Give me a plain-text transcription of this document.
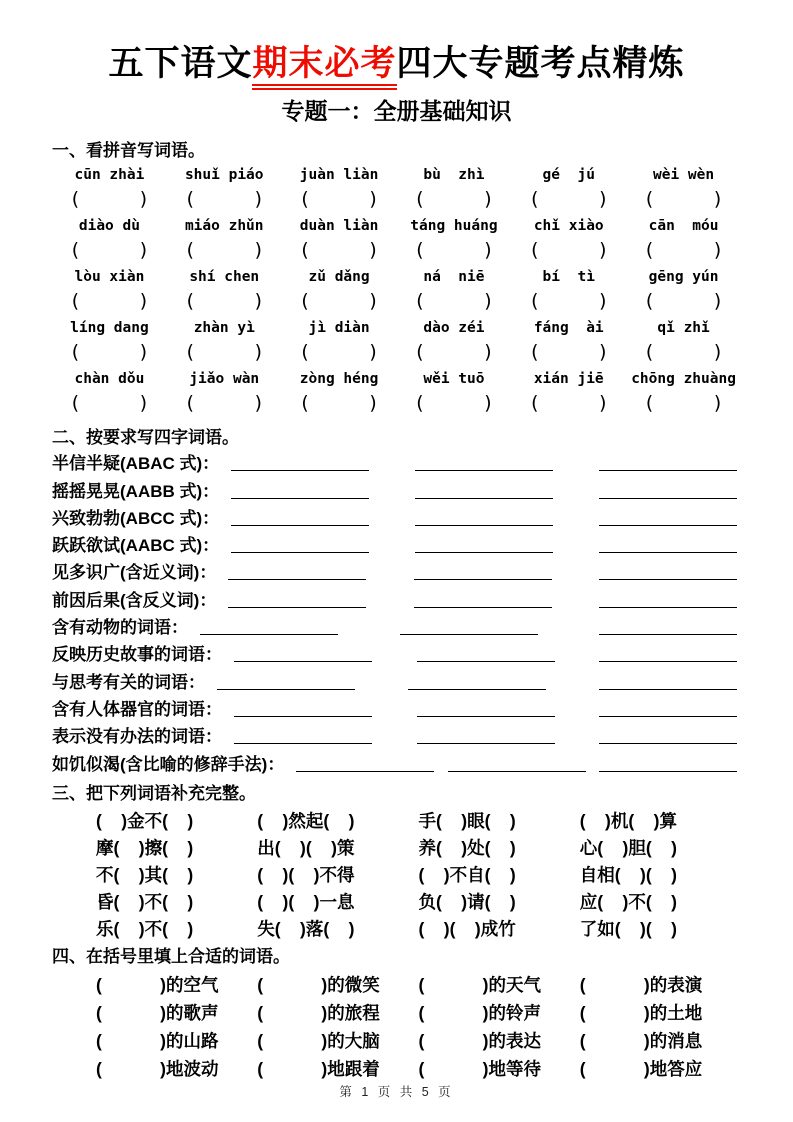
五下语文期末必考四大专题考点精炼
专题一：全册基础知识
一、看拼音写词语。
cūn zhài	shuǐ piáo	juàn liàn	bù  zhì	gé  jú	wèi wèn
(     )	(     )	(     )	(     )	(     )	(     )
diào dù	miáo zhǔn	duàn liàn	táng huáng	chǐ xiào	cān  móu
(     )	(     )	(     )	(     )	(     )	(     )
lòu xiàn	shí chen	zǔ dǎng	ná  niē	bí  tì	gēng yún
(     )	(     )	(     )	(     )	(     )	(     )
líng dang	zhàn yì	jì diàn	dào zéi	fáng  ài	qǐ zhǐ
(     )	(     )	(     )	(     )	(     )	(     )
chàn dǒu	jiǎo wàn	zòng héng	wěi tuō	xián jiē	chōng zhuàng
(     )	(     )	(     )	(     )	(     )	(     )
二、按要求写四字词语。
半信半疑(ABAC 式)：
摇摇晃晃(AABB 式)：
兴致勃勃(ABCC 式)：
跃跃欲试(AABC 式)：
见多识广(含近义词)：
前因后果(含反义词)：
含有动物的词语：
反映历史故事的词语：
与思考有关的词语：
含有人体器官的词语：
表示没有办法的词语：
如饥似渴(含比喻的修辞手法)：
三、把下列词语补充完整。
(    )金不(    )	(    )然起(    )	手(    )眼(    )	(    )机(    )算
摩(    )擦(    )	出(    )(    )策	养(    )处(    )	心(    )胆(    )
不(    )其(    )	(    )(    )不得	(    )不自(    )	自相(    )(    )
昏(    )不(    )	(    )(    )一息	负(    )请(    )	应(    )不(    )
乐(    )不(    )	失(    )落(    )	(    )(    )成竹	了如(    )(    )
四、在括号里填上合适的词语。
(            )的空气	(            )的微笑	(            )的天气	(            )的表演
(            )的歌声	(            )的旅程	(            )的铃声	(            )的土地
(            )的山路	(            )的大脑	(            )的表达	(            )的消息
(            )地波动	(            )地跟着	(            )地等待	(            )地答应
第 1 页 共 5 页
